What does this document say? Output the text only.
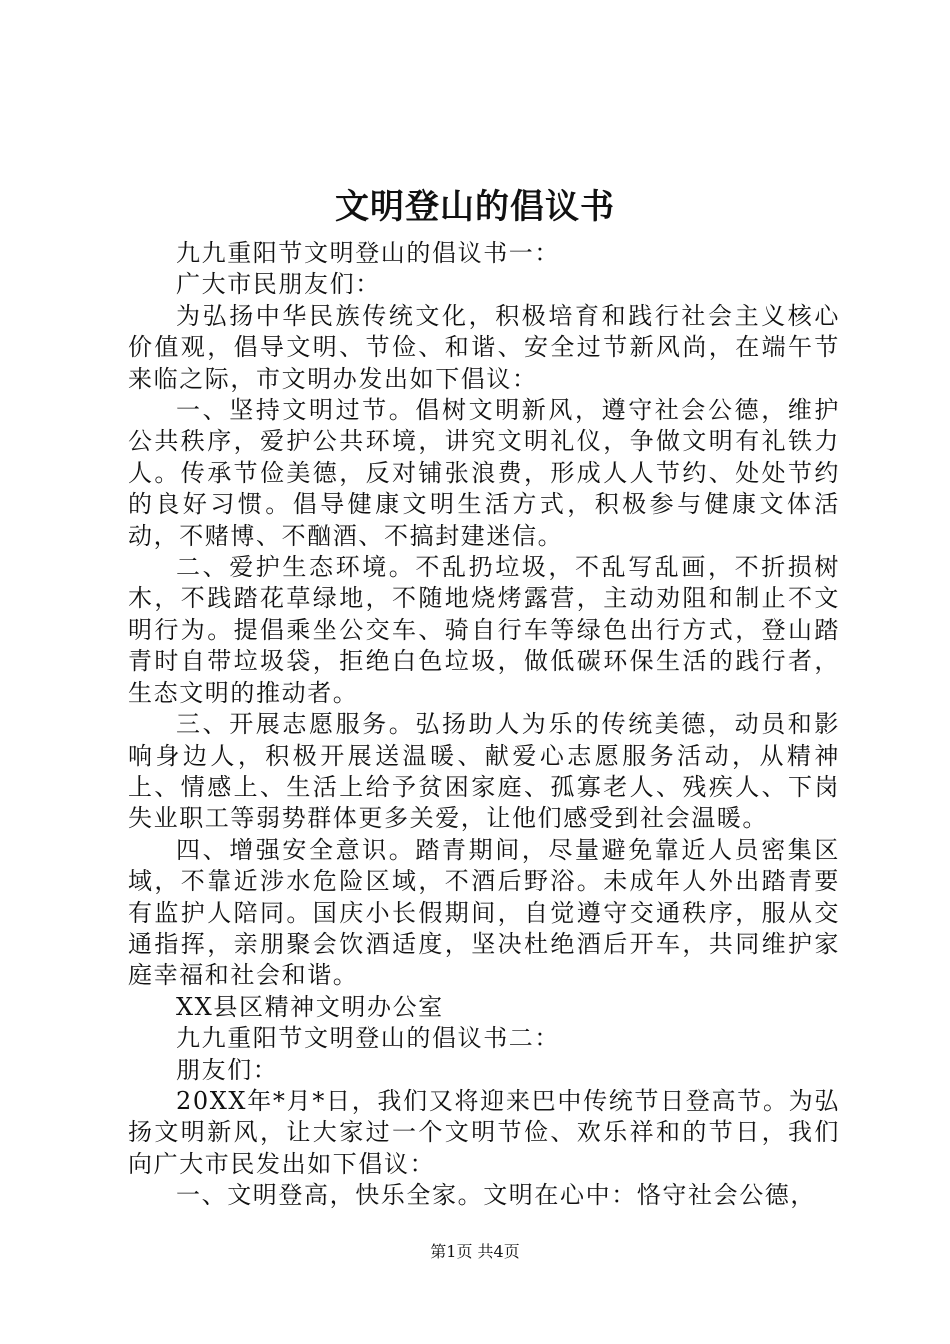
文明登山的倡议书

九九重阳节文明登山的倡议书一：

广大市民朋友们：

为弘扬中华民族传统文化，积极培育和践行社会主义核心价值观，倡导文明、节俭、和谐、安全过节新风尚，在端午节来临之际，市文明办发出如下倡议：

一、坚持文明过节。倡树文明新风，遵守社会公德，维护公共秩序，爱护公共环境，讲究文明礼仪，争做文明有礼铁力人。传承节俭美德，反对铺张浪费，形成人人节约、处处节约的良好习惯。倡导健康文明生活方式，积极参与健康文体活动，不赌博、不酗酒、不搞封建迷信。

二、爱护生态环境。不乱扔垃圾，不乱写乱画，不折损树木，不践踏花草绿地，不随地烧烤露营，主动劝阻和制止不文明行为。提倡乘坐公交车、骑自行车等绿色出行方式，登山踏青时自带垃圾袋，拒绝白色垃圾，做低碳环保生活的践行者，生态文明的推动者。

三、开展志愿服务。弘扬助人为乐的传统美德，动员和影响身边人，积极开展送温暖、献爱心志愿服务活动，从精神上、情感上、生活上给予贫困家庭、孤寡老人、残疾人、下岗失业职工等弱势群体更多关爱，让他们感受到社会温暖。

四、增强安全意识。踏青期间，尽量避免靠近人员密集区域，不靠近涉水危险区域，不酒后野浴。未成年人外出踏青要有监护人陪同。国庆小长假期间，自觉遵守交通秩序，服从交通指挥，亲朋聚会饮酒适度，坚决杜绝酒后开车，共同维护家庭幸福和社会和谐。

XX县区精神文明办公室

九九重阳节文明登山的倡议书二：

朋友们：

20XX年*月*日，我们又将迎来巴中传统节日登高节。为弘扬文明新风，让大家过一个文明节俭、欢乐祥和的节日，我们向广大市民发出如下倡议：

一、文明登高，快乐全家。文明在心中：恪守社会公德，

第1页 共4页
